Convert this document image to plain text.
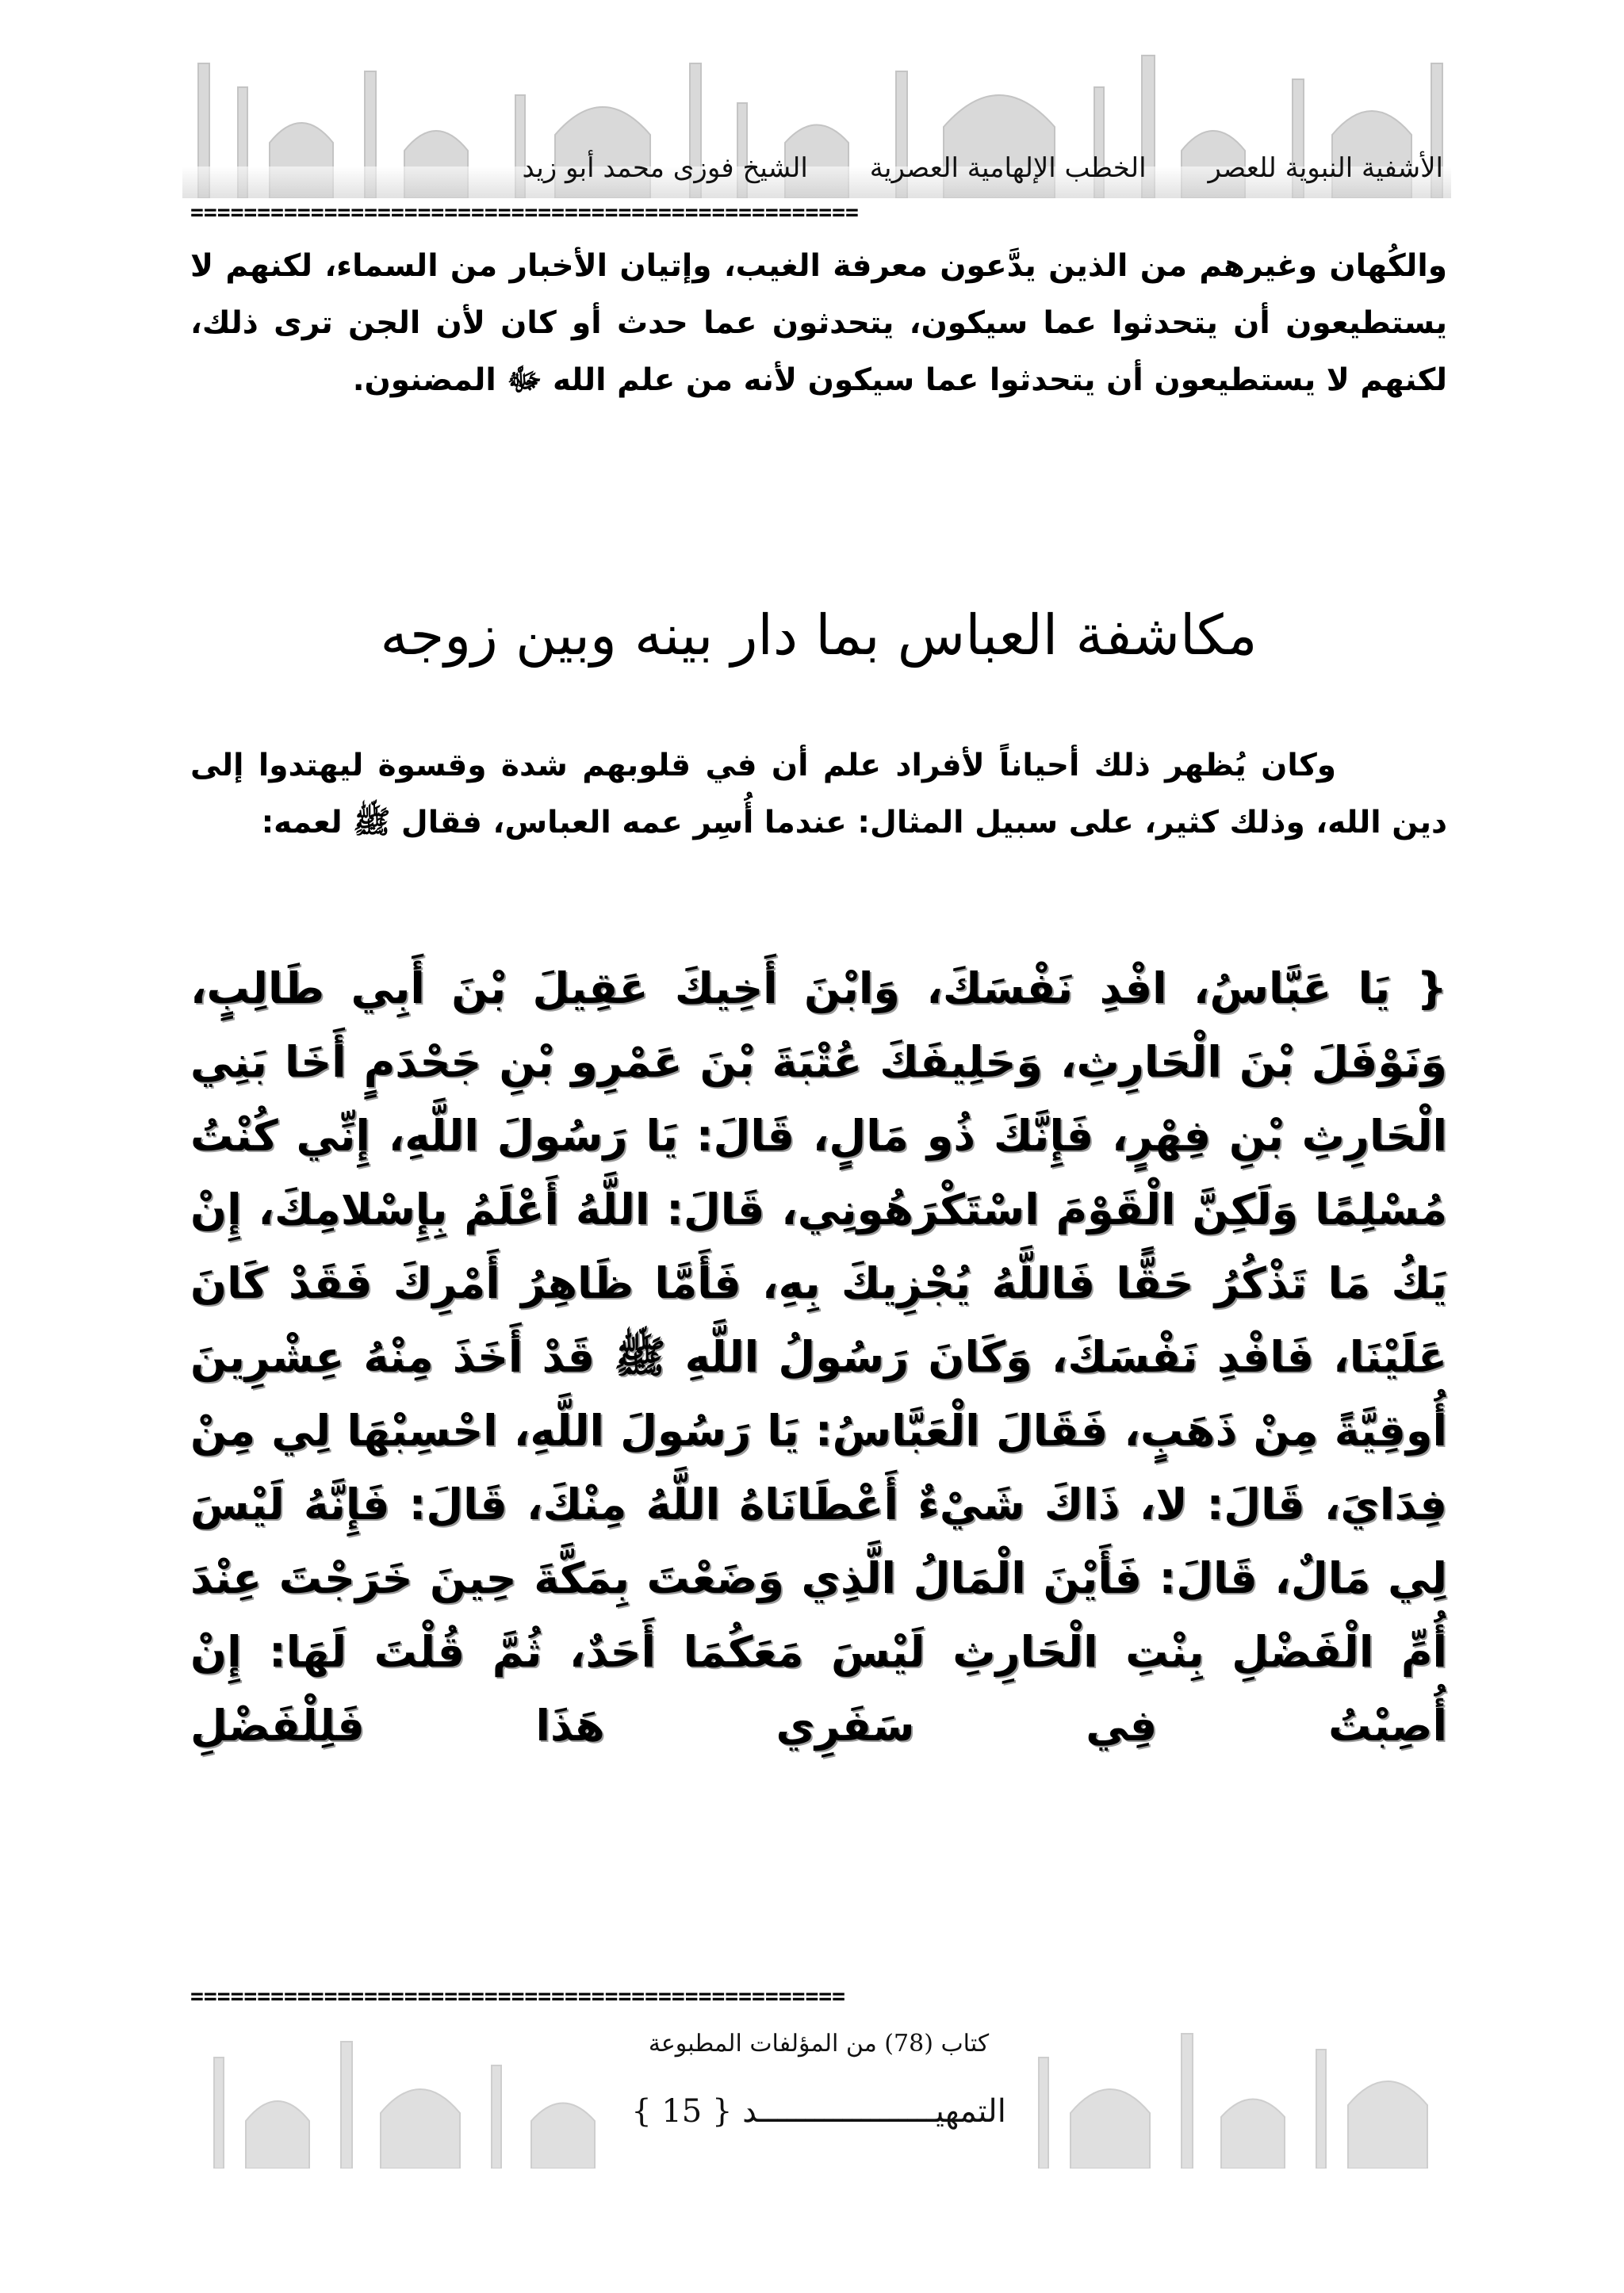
الأشفية النبوية للعصر
الخطب الإلهامية العصرية
الشيخ فوزى محمد أبو زيد
==================================================

والكُهان وغيرهم من الذين يدَّعون معرفة الغيب، وإتيان الأخبار من السماء، لكنهم لا يستطيعون أن يتحدثوا عما سيكون، يتحدثون عما حدث أو كان لأن الجن ترى ذلك، لكنهم لا يستطيعون أن يتحدثوا عما سيكون لأنه من علم الله ﷻ المضنون.

مكاشفة العباس بما دار بينه وبين زوجه

وكان يُظهر ذلك أحياناً لأفراد علم أن في قلوبهم شدة وقسوة ليهتدوا إلى دين الله، وذلك كثير، على سبيل المثال: عندما أُسِر عمه العباس، فقال ﷺ لعمه:

{ يَا عَبَّاسُ، افْدِ نَفْسَكَ، وَابْنَ أَخِيكَ عَقِيلَ بْنَ أَبِي طَالِبٍ، وَنَوْفَلَ بْنَ الْحَارِثِ، وَحَلِيفَكَ عُتْبَةَ بْنَ عَمْرِو بْنِ جَحْدَمٍ أَخَا بَنِي الْحَارِثِ بْنِ فِهْرٍ، فَإِنَّكَ ذُو مَالٍ، قَالَ: يَا رَسُولَ اللَّهِ، إِنِّي كُنْتُ مُسْلِمًا وَلَكِنَّ الْقَوْمَ اسْتَكْرَهُونِي، قَالَ: اللَّهُ أَعْلَمُ بِإِسْلامِكَ، إِنْ يَكُ مَا تَذْكُرُ حَقًّا فَاللَّهُ يُجْزِيكَ بِهِ، فَأَمَّا ظَاهِرُ أَمْرِكَ فَقَدْ كَانَ عَلَيْنَا، فَافْدِ نَفْسَكَ، وَكَانَ رَسُولُ اللَّهِ ﷺ قَدْ أَخَذَ مِنْهُ عِشْرِينَ أُوقِيَّةً مِنْ ذَهَبٍ، فَقَالَ الْعَبَّاسُ: يَا رَسُولَ اللَّهِ، احْسِبْهَا لِي مِنْ فِدَايَ، قَالَ: لا، ذَاكَ شَيْءٌ أَعْطَانَاهُ اللَّهُ مِنْكَ، قَالَ: فَإِنَّهُ لَيْسَ لِي مَالٌ، قَالَ: فَأَيْنَ الْمَالُ الَّذِي وَضَعْتَ بِمَكَّةَ حِينَ خَرَجْتَ عِنْدَ أُمِّ الْفَضْلِ بِنْتِ الْحَارِثِ لَيْسَ مَعَكُمَا أَحَدٌ، ثُمَّ قُلْتَ لَهَا: إِنْ أُصِبْتُ فِي سَفَرِي هَذَا فَلِلْفَضْلِ

=================================================
كتاب (78) من المؤلفات المطبوعة
التمهيـــــــــــــــــــد { 15 }
